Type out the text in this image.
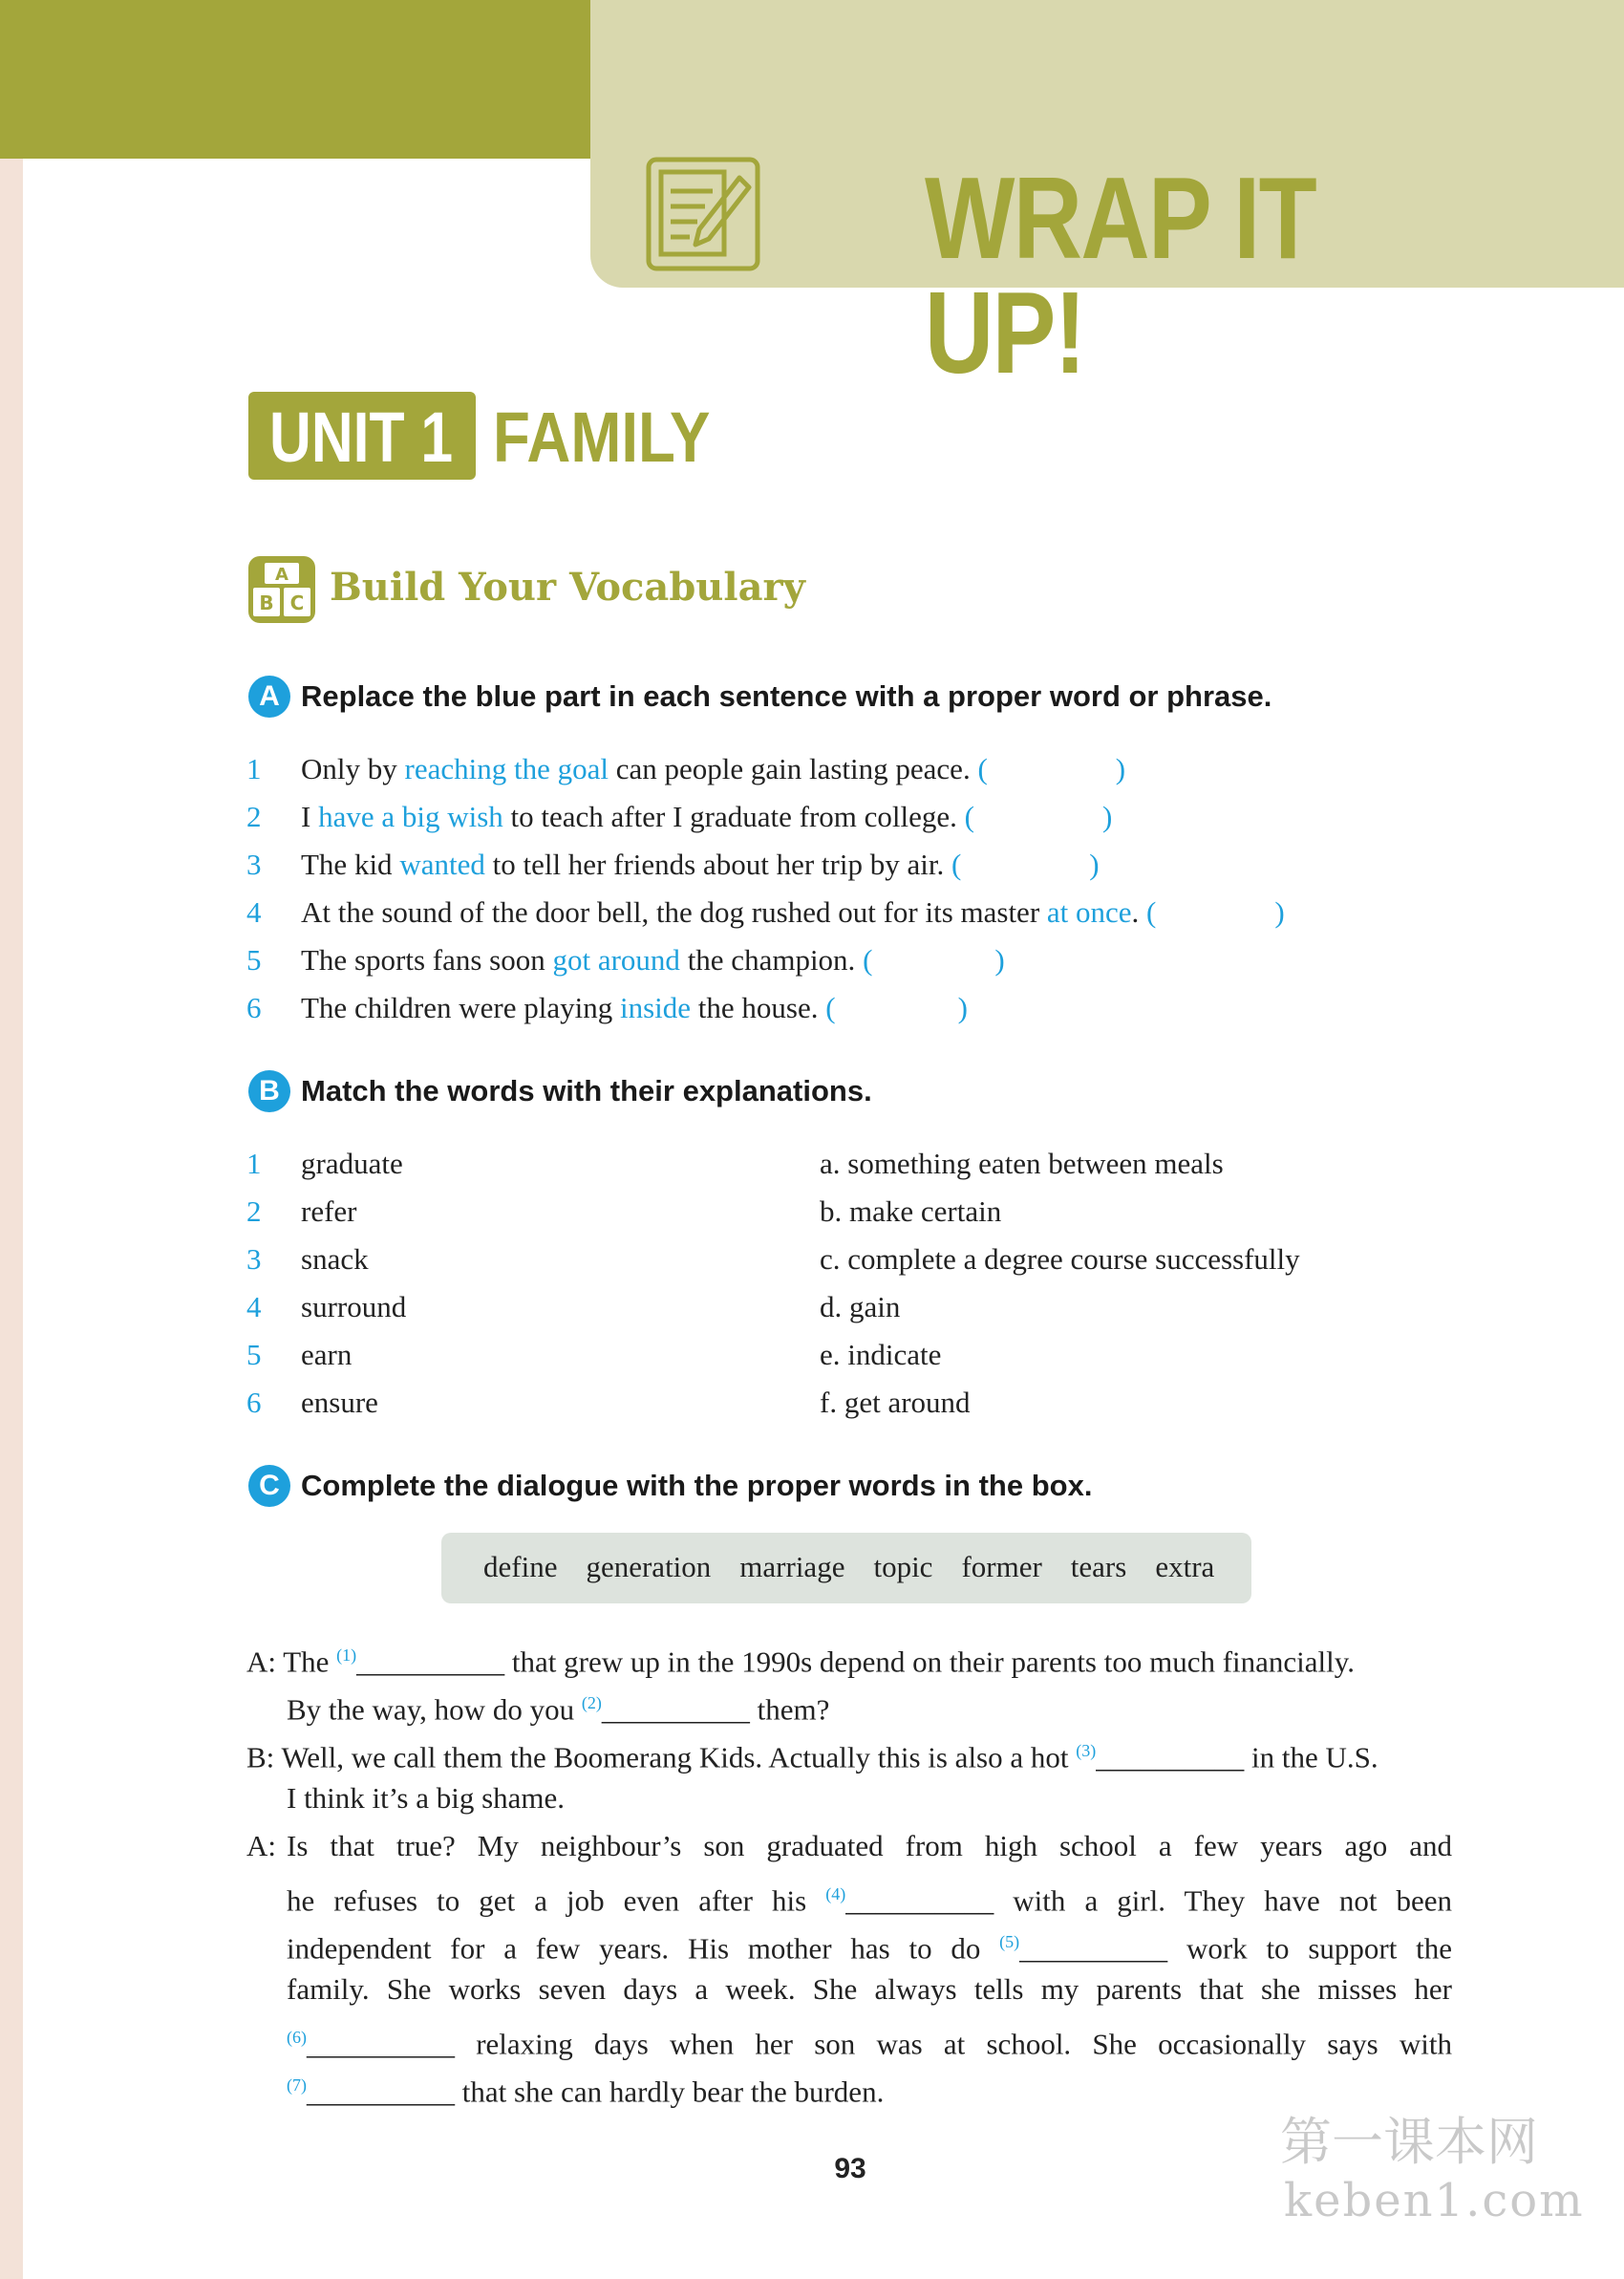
WRAP IT UP!
UNIT 1 FAMILY
A
B C Build Your Vocabulary
A Replace the blue part in each sentence with a proper word or phrase.
1	Only by reaching the goal can people gain lasting peace. (	)
2	I have a big wish to teach after I graduate from college. (	)
3	The kid wanted to tell her friends about her trip by air. (	)
4	At the sound of the door bell, the dog rushed out for its master at once. (	)
5	The sports fans soon got around the champion. (	)
6	The children were playing inside the house. (	)
B Match the words with their explanations.
1	graduate	a. something eaten between meals
2	refer	b. make certain
3	snack	c. complete a degree course successfully
4	surround	d. gain
5	earn	e. indicate
6	ensure	f. get around
C Complete the dialogue with the proper words in the box.
define generation marriage topic former tears extra
A: The $^{(1)}$__________ that grew up in the 1990s depend on their parents too much financially.
By the way, how do you $^{(2)}$__________ them?
B: Well, we call them the Boomerang Kids. Actually this is also a hot $^{(3)}$__________ in the U.S.
I think it’s a big shame.
A: Is that true? My neighbour’s son graduated from high school a few years ago and
he refuses to get a job even after his $^{(4)}$__________ with a girl. They have not been
independent for a few years. His mother has to do $^{(5)}$__________ work to support the
family. She works seven days a week. She always tells my parents that she misses her
$^{(6)}$__________ relaxing days when her son was at school. She occasionally says with
$^{(7)}$__________ that she can hardly bear the burden.
93	第一课本网
keben1.com
